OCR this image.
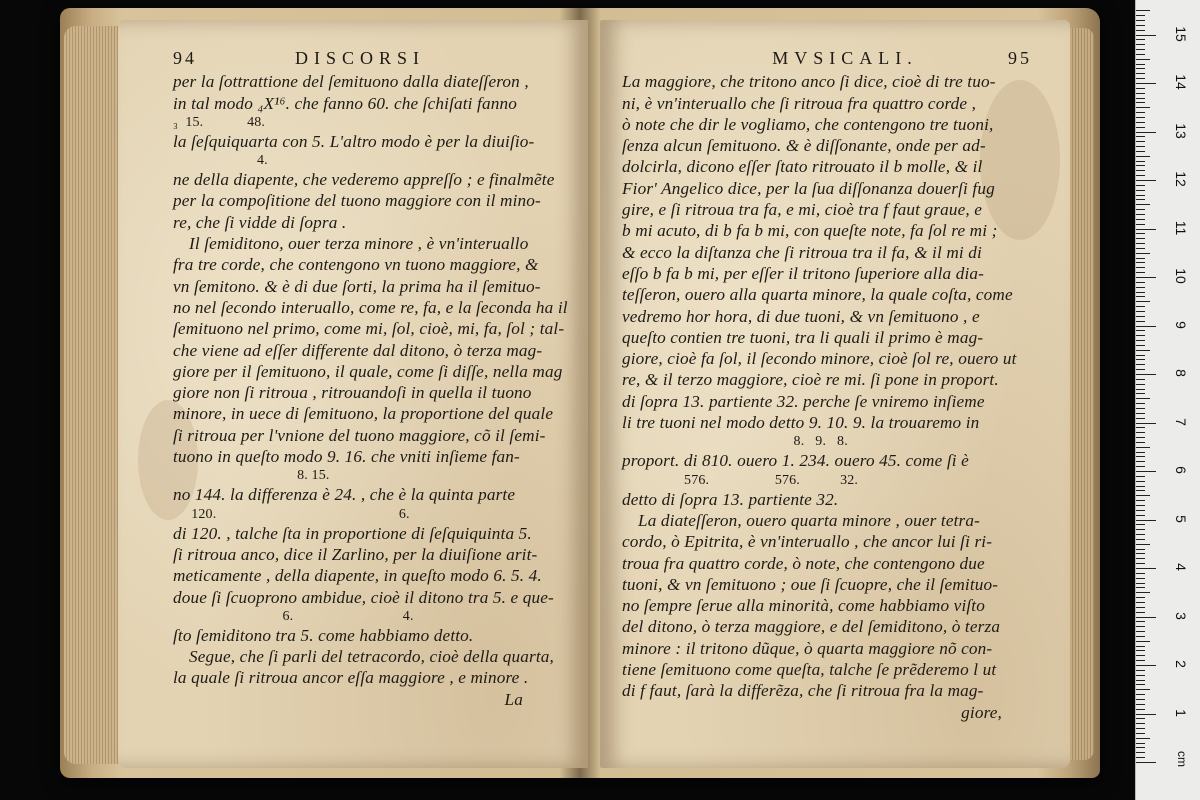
94	DISCORSI
per la ſottrattione del ſemituono dalla diateſſeron ,
in tal modo ₄X¹⁶. che fanno 60. che ſchiſati fanno
₃  15.            48.
la ſeſquiquarta con 5. L'altro modo è per la diuiſio-
4.
ne della diapente, che vederemo appreſſo ; e finalmẽte
per la compoſitione del tuono maggiore con il mino-
re, che ſi vidde di ſopra .
Il ſemiditono, ouer terza minore , è vn'interuallo
fra tre corde, che contengono vn tuono maggiore, &
vn ſemitono. & è di due ſorti, la prima ha il ſemituo-
no nel ſecondo interuallo, come re, fa, e la ſeconda ha il
ſemituono nel primo, come mi, ſol, cioè, mi, fa, ſol ; tal-
che viene ad eſſer differente dal ditono, ò terza mag-
giore per il ſemituono, il quale, come ſi diſſe, nella mag
giore non ſi ritroua , ritrouandoſi in quella il tuono
minore, in uece di ſemituono, la proportione del quale
ſi ritroua per l'vnione del tuono maggiore, cõ il ſemi-
tuono in queſto modo 9. 16. che vniti inſieme fan-
8. 15.
no 144. la differenza è 24. , che è la quinta parte
120.                                                  6.
di 120. , talche ſta in proportione di ſeſquiquinta 5.
ſi ritroua anco, dice il Zarlino, per la diuiſione arit-
meticamente , della diapente, in queſto modo 6. 5. 4.
doue ſi ſcuoprono ambidue, cioè il ditono tra 5. e que-
6.                              4.
ſto ſemiditono tra 5. come habbiamo detto.
Segue, che ſi parli del tetracordo, cioè della quarta,
la quale ſi ritroua ancor eſſa maggiore , e minore .
La
MVSICALI.	95
La maggiore, che tritono anco ſi dice, cioè di tre tuo-
ni, è vn'interuallo che ſi ritroua fra quattro corde ,
ò note che dir le vogliamo, che contengono tre tuoni,
ſenza alcun ſemituono. & è diſſonante, onde per ad-
dolcirla, dicono eſſer ſtato ritrouato il b molle, & il
Fior' Angelico dice, per la ſua diſſonanza douerſi fug
gire, e ſi ritroua tra fa, e mi, cioè tra f faut graue, e
b mi acuto, di b fa b mi, con queſte note, fa ſol re mi ;
& ecco la diſtanza che ſi ritroua tra il fa, & il mi di
eſſo b fa b mi, per eſſer il tritono ſuperiore alla dia-
teſſeron, ouero alla quarta minore, la quale coſta, come
vedremo hor hora, di due tuoni, & vn ſemituono , e
queſto contien tre tuoni, tra li quali il primo è mag-
giore, cioè fa ſol, il ſecondo minore, cioè ſol re, ouero ut
re, & il terzo maggiore, cioè re mi. ſi pone in proport.
di ſopra 13. partiente 32. perche ſe vniremo inſieme
li tre tuoni nel modo detto 9. 10. 9. la trouaremo in
8.   9.   8.
proport. di 810. ouero 1. 234. ouero 45. come ſi è
576.                  576.           32.
detto di ſopra 13. partiente 32.
La diateſſeron, ouero quarta minore , ouer tetra-
cordo, ò Epitrita, è vn'interuallo , che ancor lui ſi ri-
troua fra quattro corde, ò note, che contengono due
tuoni, & vn ſemituono ; oue ſi ſcuopre, che il ſemituo-
no ſempre ſerue alla minorità, come habbiamo viſto
del ditono, ò terza maggiore, e del ſemiditono, ò terza
minore : il tritono dũque, ò quarta maggiore nõ con-
tiene ſemituono come queſta, talche ſe prẽderemo l ut
di f faut, ſarà la differẽza, che ſi ritroua fra la mag-
giore,
cm
15
14
13
12
11
10
9
8
7
6
5
4
3
2
1
